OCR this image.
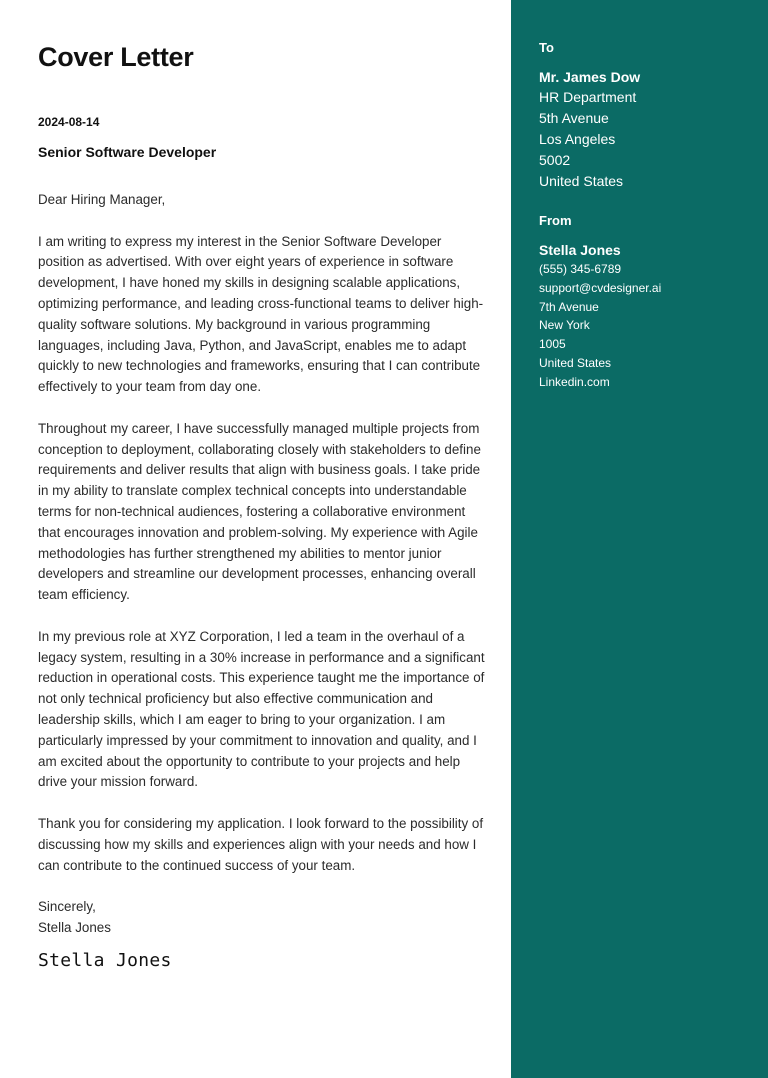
Cover Letter
2024-08-14
Senior Software Developer

Dear Hiring Manager,

I am writing to express my interest in the Senior Software Developer position as advertised. With over eight years of experience in software development, I have honed my skills in designing scalable applications, optimizing performance, and leading cross-functional teams to deliver high-quality software solutions. My background in various programming languages, including Java, Python, and JavaScript, enables me to adapt quickly to new technologies and frameworks, ensuring that I can contribute effectively to your team from day one.

Throughout my career, I have successfully managed multiple projects from conception to deployment, collaborating closely with stakeholders to define requirements and deliver results that align with business goals. I take pride in my ability to translate complex technical concepts into understandable terms for non-technical audiences, fostering a collaborative environment that encourages innovation and problem-solving. My experience with Agile methodologies has further strengthened my abilities to mentor junior developers and streamline our development processes, enhancing overall team efficiency.

In my previous role at XYZ Corporation, I led a team in the overhaul of a legacy system, resulting in a 30% increase in performance and a significant reduction in operational costs. This experience taught me the importance of not only technical proficiency but also effective communication and leadership skills, which I am eager to bring to your organization. I am particularly impressed by your commitment to innovation and quality, and I am excited about the opportunity to contribute to your projects and help drive your mission forward.

Thank you for considering my application. I look forward to the possibility of discussing how my skills and experiences align with your needs and how I can contribute to the continued success of your team.

Sincerely,
Stella Jones
Stella Jones
To
Mr. James Dow
HR Department
5th Avenue
Los Angeles
5002
United States
From
Stella Jones
(555) 345-6789
support@cvdesigner.ai
7th Avenue
New York
1005
United States
Linkedin.com
